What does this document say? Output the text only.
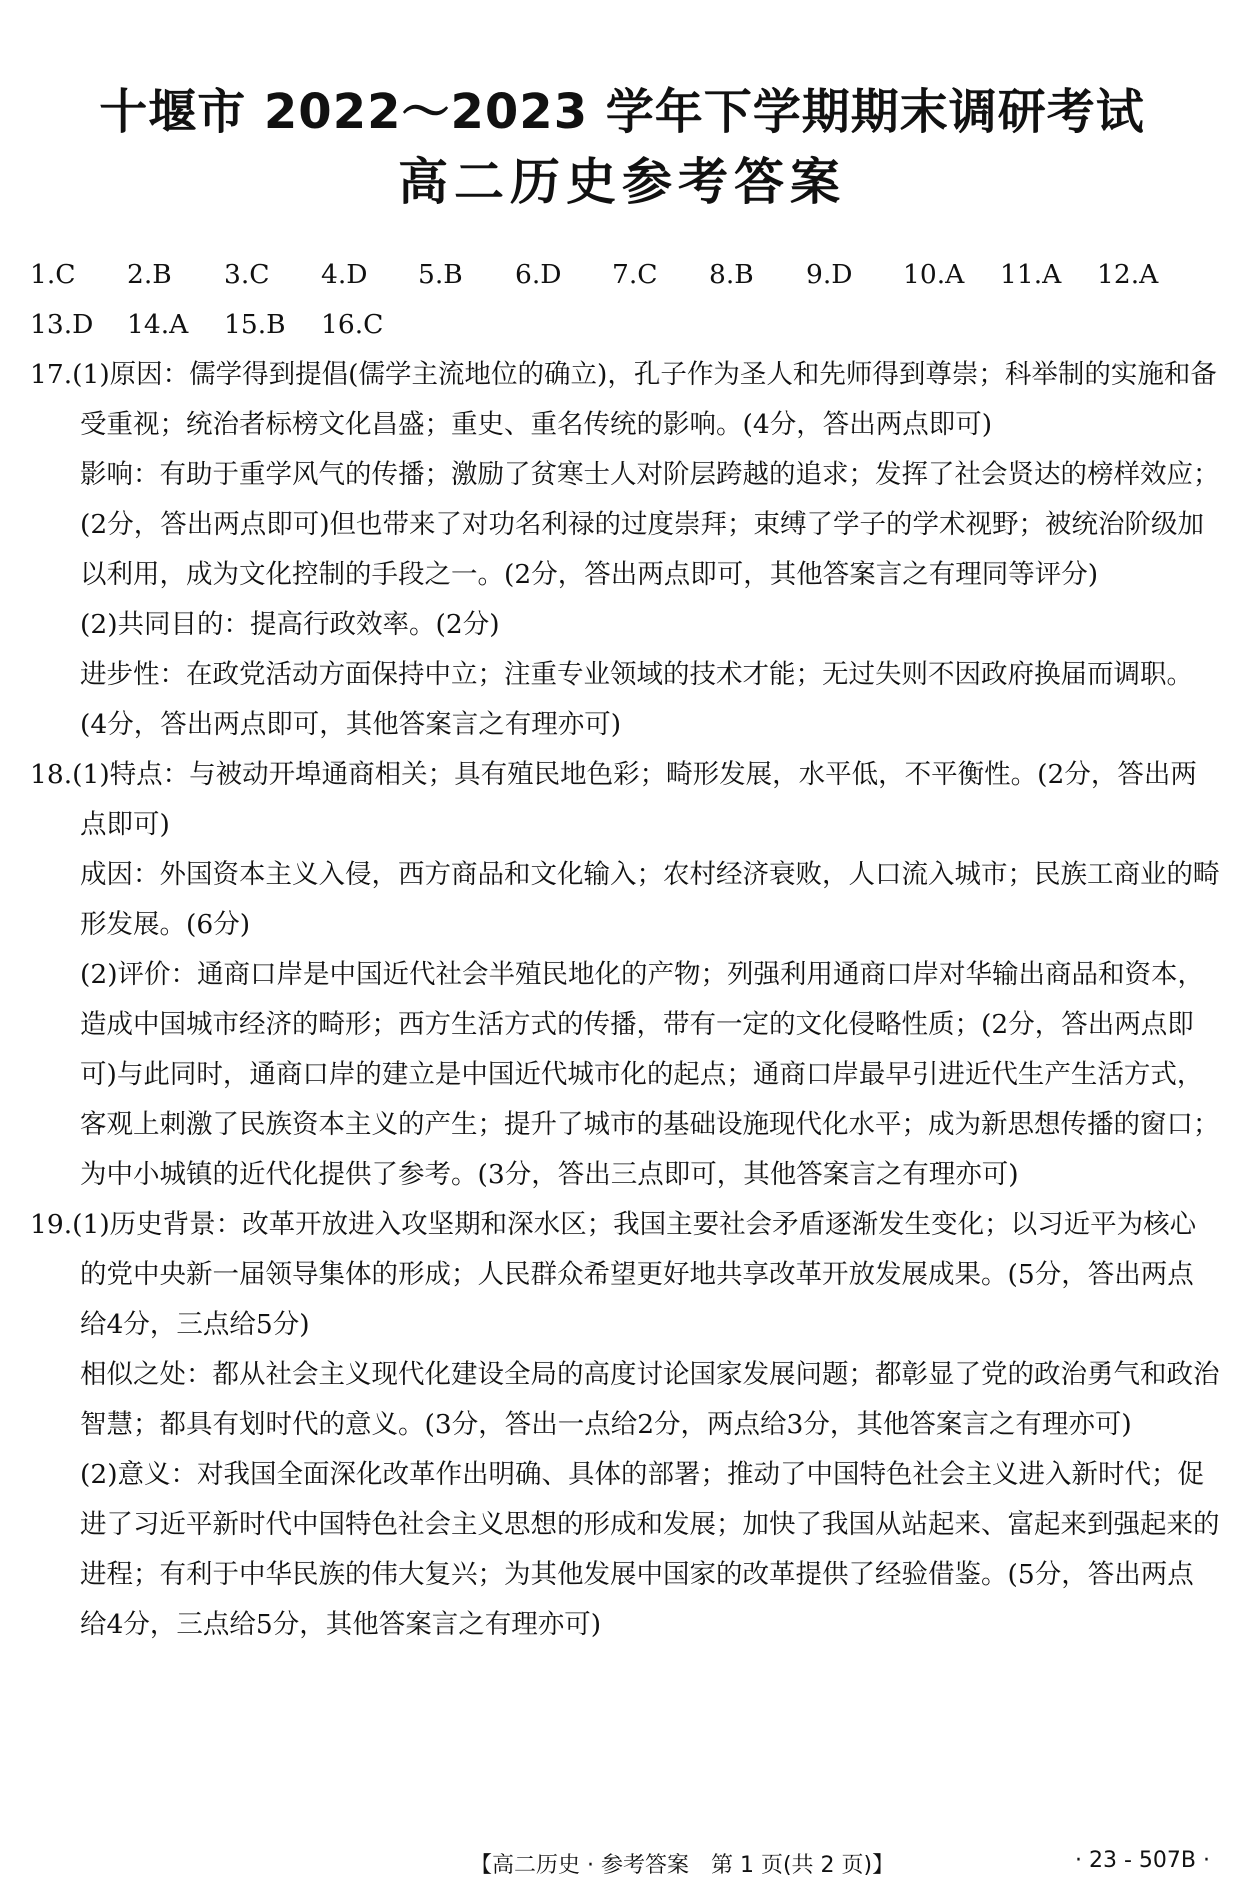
十堰市 2022～2023 学年下学期期末调研考试
高二历史参考答案
1.C	2.B	3.C	4.D	5.B	6.D	7.C	8.B	9.D	10.A	11.A	12.A
13.D	14.A	15.B	16.C
17.(1)原因：儒学得到提倡(儒学主流地位的确立)，孔子作为圣人和先师得到尊崇；科举制的实施和备受重视；统治者标榜文化昌盛；重史、重名传统的影响。(4分，答出两点即可)
影响：有助于重学风气的传播；激励了贫寒士人对阶层跨越的追求；发挥了社会贤达的榜样效应；(2分，答出两点即可)但也带来了对功名利禄的过度崇拜；束缚了学子的学术视野；被统治阶级加以利用，成为文化控制的手段之一。(2分，答出两点即可，其他答案言之有理同等评分)
(2)共同目的：提高行政效率。(2分)
进步性：在政党活动方面保持中立；注重专业领域的技术才能；无过失则不因政府换届而调职。(4分，答出两点即可，其他答案言之有理亦可)
18.(1)特点：与被动开埠通商相关；具有殖民地色彩；畸形发展，水平低，不平衡性。(2分，答出两点即可)
成因：外国资本主义入侵，西方商品和文化输入；农村经济衰败，人口流入城市；民族工商业的畸形发展。(6分)
(2)评价：通商口岸是中国近代社会半殖民地化的产物；列强利用通商口岸对华输出商品和资本，造成中国城市经济的畸形；西方生活方式的传播，带有一定的文化侵略性质；(2分，答出两点即可)与此同时，通商口岸的建立是中国近代城市化的起点；通商口岸最早引进近代生产生活方式，客观上刺激了民族资本主义的产生；提升了城市的基础设施现代化水平；成为新思想传播的窗口；为中小城镇的近代化提供了参考。(3分，答出三点即可，其他答案言之有理亦可)
19.(1)历史背景：改革开放进入攻坚期和深水区；我国主要社会矛盾逐渐发生变化；以习近平为核心的党中央新一届领导集体的形成；人民群众希望更好地共享改革开放发展成果。(5分，答出两点给4分，三点给5分)
相似之处：都从社会主义现代化建设全局的高度讨论国家发展问题；都彰显了党的政治勇气和政治智慧；都具有划时代的意义。(3分，答出一点给2分，两点给3分，其他答案言之有理亦可)
(2)意义：对我国全面深化改革作出明确、具体的部署；推动了中国特色社会主义进入新时代；促进了习近平新时代中国特色社会主义思想的形成和发展；加快了我国从站起来、富起来到强起来的进程；有利于中华民族的伟大复兴；为其他发展中国家的改革提供了经验借鉴。(5分，答出两点给4分，三点给5分，其他答案言之有理亦可)
【高二历史 · 参考答案　第 1 页(共 2 页)】	· 23 - 507B ·
